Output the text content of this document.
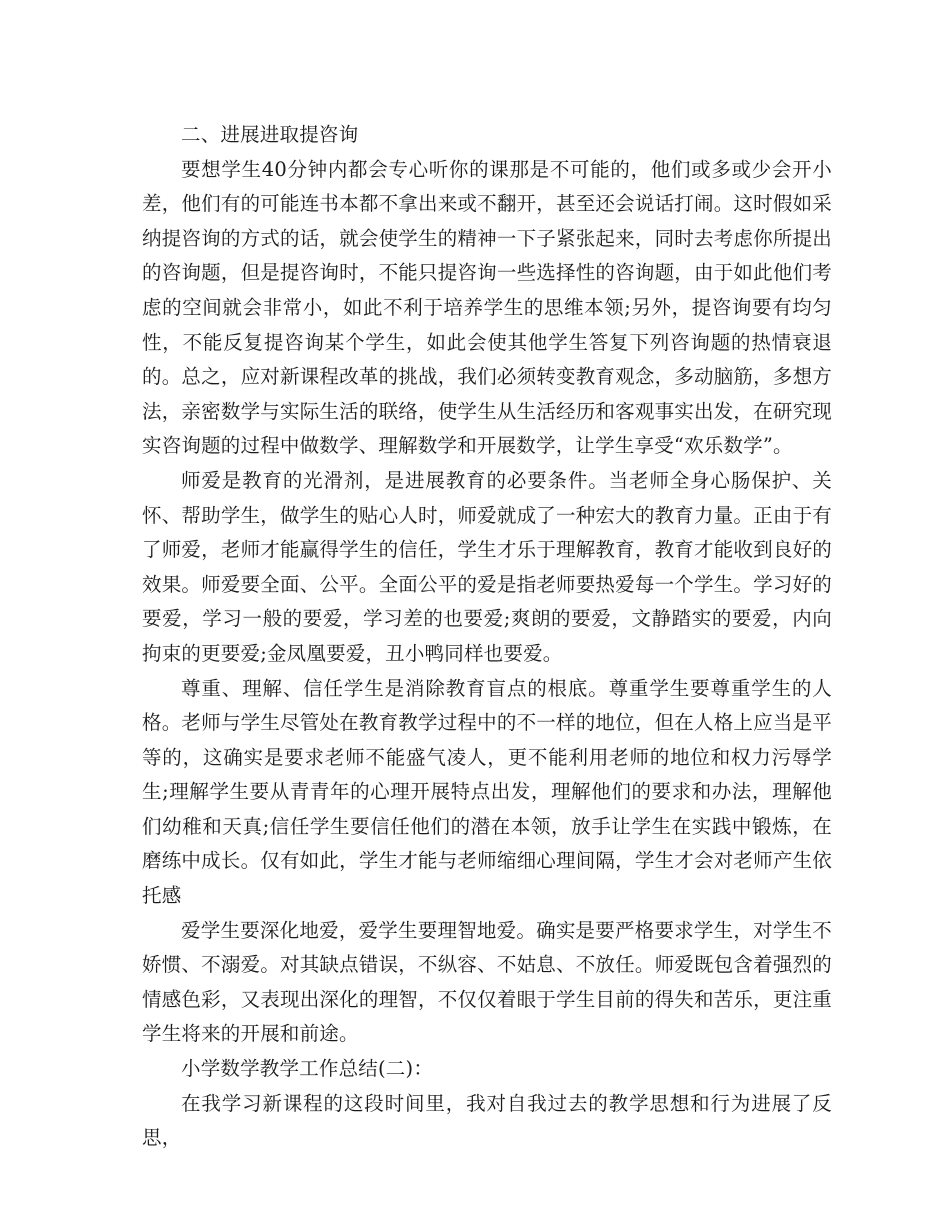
二、进展进取提咨询

要想学生40分钟内都会专心听你的课那是不可能的，他们或多或少会开小差，他们有的可能连书本都不拿出来或不翻开，甚至还会说话打闹。这时假如采纳提咨询的方式的话，就会使学生的精神一下子紧张起来，同时去考虑你所提出的咨询题，但是提咨询时，不能只提咨询一些选择性的咨询题，由于如此他们考虑的空间就会非常小，如此不利于培养学生的思维本领;另外，提咨询要有均匀性，不能反复提咨询某个学生，如此会使其他学生答复下列咨询题的热情衰退的。总之，应对新课程改革的挑战，我们必须转变教育观念，多动脑筋，多想方法，亲密数学与实际生活的联络，使学生从生活经历和客观事实出发，在研究现实咨询题的过程中做数学、理解数学和开展数学，让学生享受“欢乐数学”。

师爱是教育的光滑剂，是进展教育的必要条件。当老师全身心肠保护、关怀、帮助学生，做学生的贴心人时，师爱就成了一种宏大的教育力量。正由于有了师爱，老师才能赢得学生的信任，学生才乐于理解教育，教育才能收到良好的效果。师爱要全面、公平。全面公平的爱是指老师要热爱每一个学生。学习好的要爱，学习一般的要爱，学习差的也要爱;爽朗的要爱，文静踏实的要爱，内向拘束的更要爱;金凤凰要爱，丑小鸭同样也要爱。

尊重、理解、信任学生是消除教育盲点的根底。尊重学生要尊重学生的人格。老师与学生尽管处在教育教学过程中的不一样的地位，但在人格上应当是平等的，这确实是要求老师不能盛气凌人，更不能利用老师的地位和权力污辱学生;理解学生要从青青年的心理开展特点出发，理解他们的要求和办法，理解他们幼稚和天真;信任学生要信任他们的潜在本领，放手让学生在实践中锻炼，在磨练中成长。仅有如此，学生才能与老师缩细心理间隔，学生才会对老师产生依托感

爱学生要深化地爱，爱学生要理智地爱。确实是要严格要求学生，对学生不娇惯、不溺爱。对其缺点错误，不纵容、不姑息、不放任。师爱既包含着强烈的情感色彩，又表现出深化的理智，不仅仅着眼于学生目前的得失和苦乐，更注重学生将来的开展和前途。

小学数学教学工作总结(二)：

在我学习新课程的这段时间里，我对自我过去的教学思想和行为进展了反思，
